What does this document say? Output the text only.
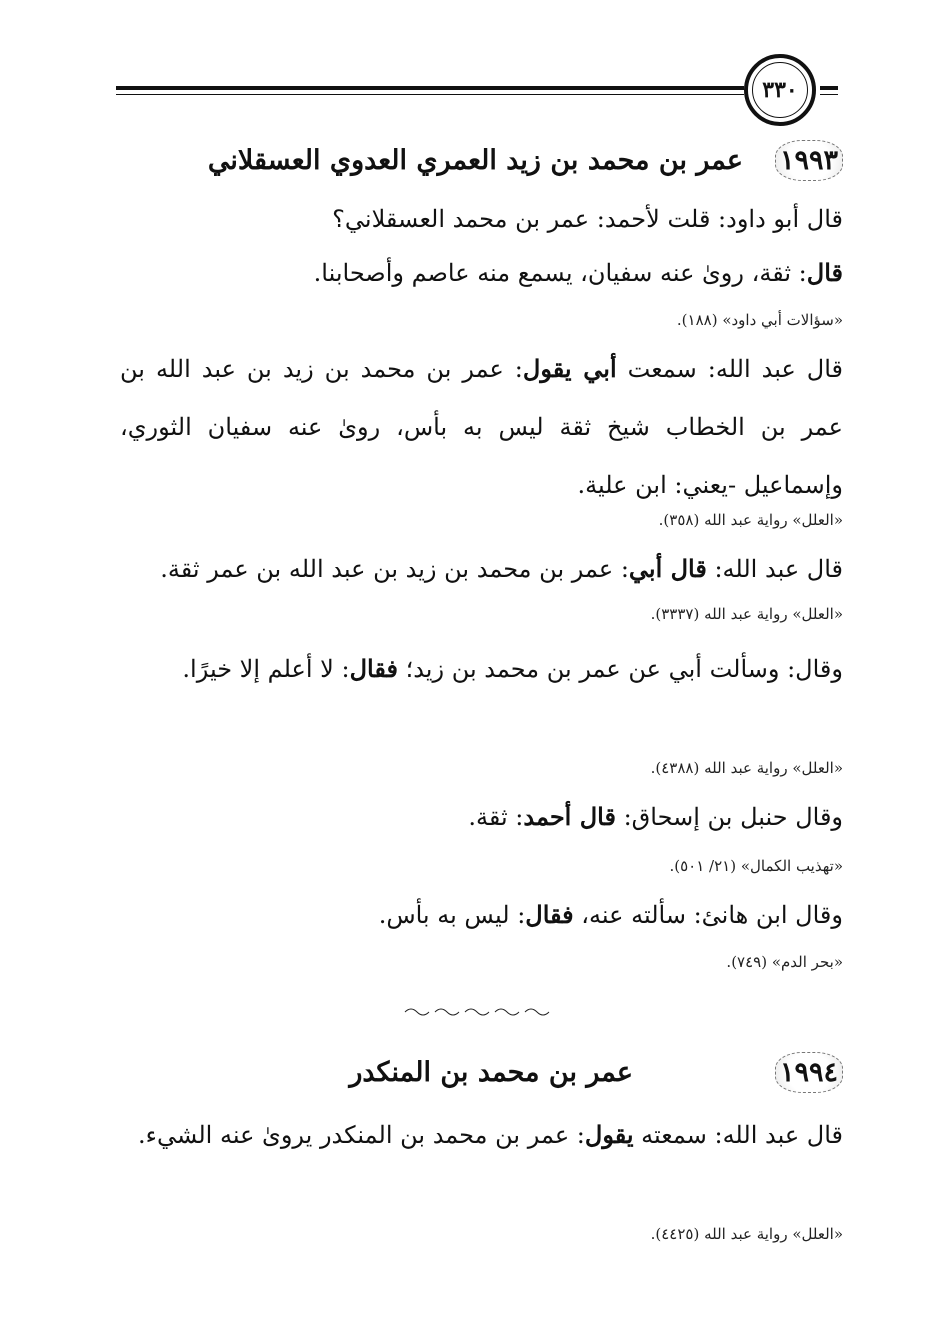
٣٣٠
١٩٩٣
عمر بن محمد بن زيد العمري العدوي العسقلاني
قال أبو داود: قلت لأحمد: عمر بن محمد العسقلاني؟
قال: ثقة، رویٰ عنه سفيان، يسمع منه عاصم وأصحابنا.
«سؤالات أبي داود» (١٨٨).
قال عبد الله: سمعت أبي يقول: عمر بن محمد بن زيد بن عبد الله بن عمر بن الخطاب شيخ ثقة ليس به بأس، رویٰ عنه سفيان الثوري، وإسماعيل -يعني: ابن علية.
«العلل» رواية عبد الله (٣٥٨).
قال عبد الله: قال أبي: عمر بن محمد بن زيد بن عبد الله بن عمر ثقة.
«العلل» رواية عبد الله (٣٣٣٧).
وقال: وسألت أبي عن عمر بن محمد بن زيد؛ فقال: لا أعلم إلا خيرًا.
«العلل» رواية عبد الله (٤٣٨٨).
وقال حنبل بن إسحاق: قال أحمد: ثقة.
«تهذيب الكمال» (٢١/ ٥٠١).
وقال ابن هانئ: سألته عنه، فقال: ليس به بأس.
«بحر الدم» (٧٤٩).
١٩٩٤
عمر بن محمد بن المنكدر
قال عبد الله: سمعته يقول: عمر بن محمد بن المنكدر یرویٰ عنه الشيء.
«العلل» رواية عبد الله (٤٤٢٥).
